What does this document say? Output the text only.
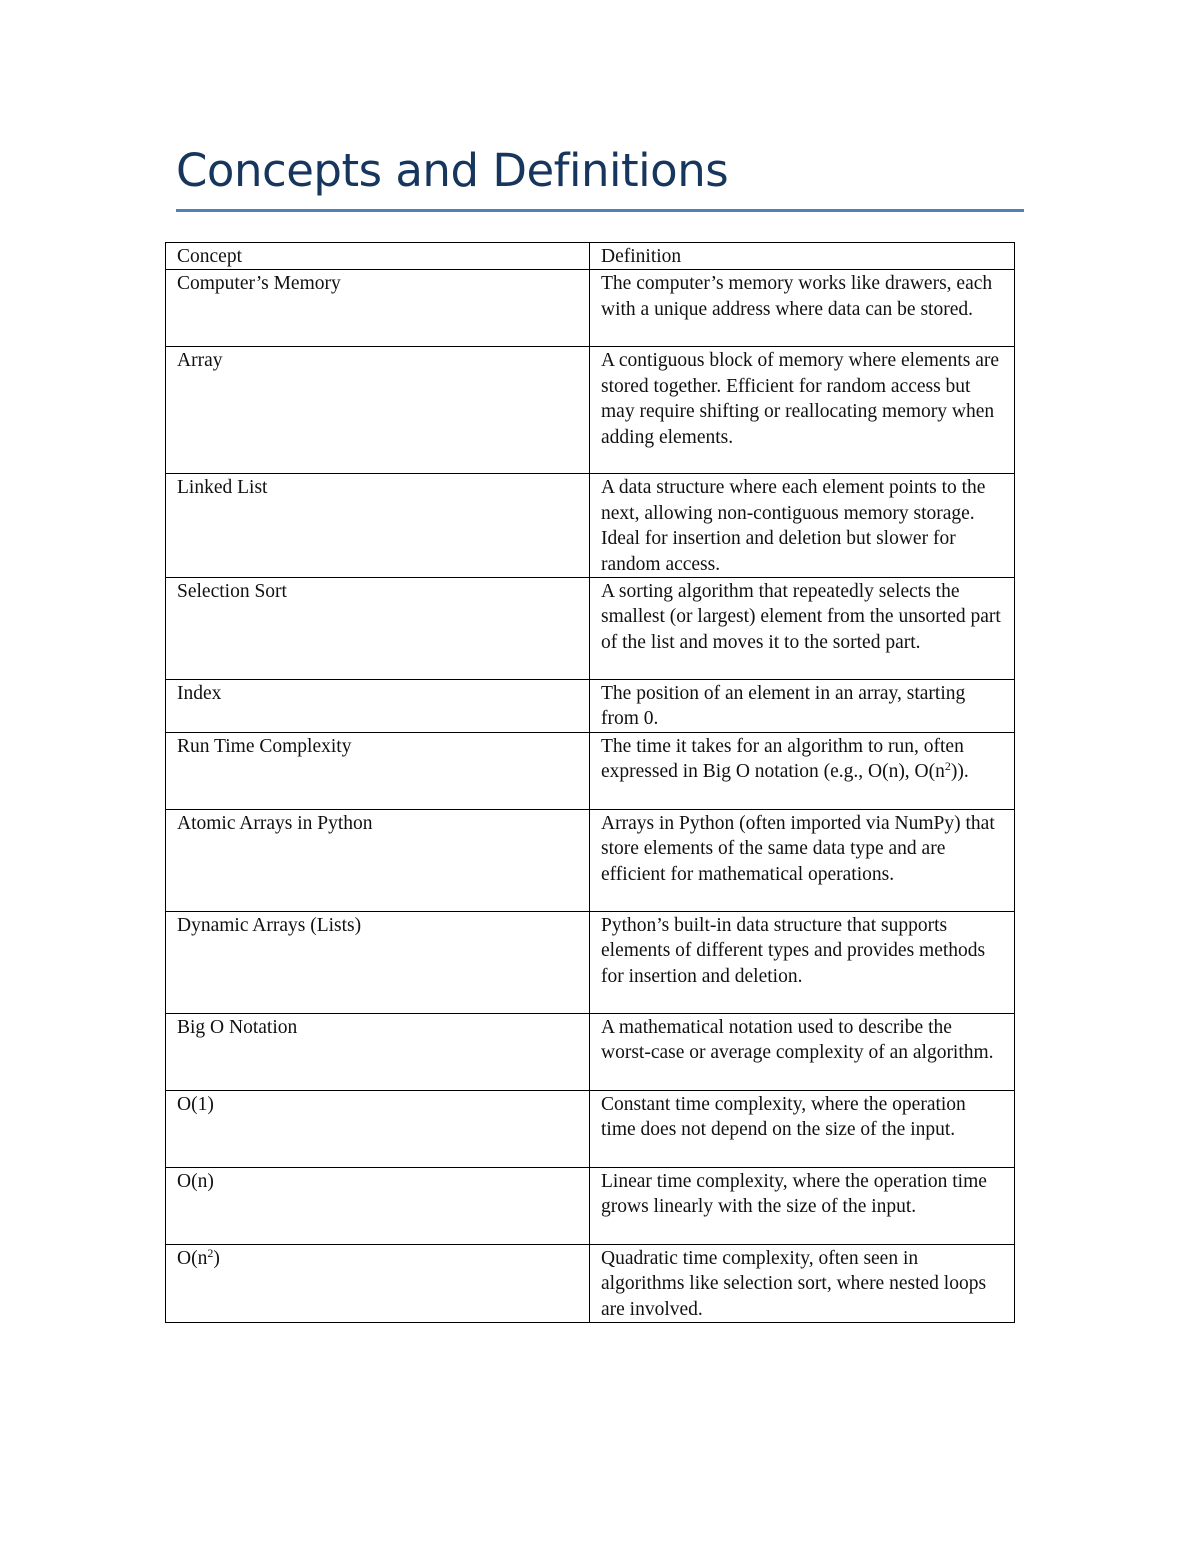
Concepts and Definitions
Concept	Definition
Computer’s Memory	The computer’s memory works like drawers, each with a unique address where data can be stored.
Array	A contiguous block of memory where elements are stored together. Efficient for random access but may require shifting or reallocating memory when adding elements.
Linked List	A data structure where each element points to the next, allowing non-contiguous memory storage. Ideal for insertion and deletion but slower for random access.
Selection Sort	A sorting algorithm that repeatedly selects the smallest (or largest) element from the unsorted part of the list and moves it to the sorted part.
Index	The position of an element in an array, starting from 0.
Run Time Complexity	The time it takes for an algorithm to run, often expressed in Big O notation (e.g., O(n), $O(n^2)$).
Atomic Arrays in Python	Arrays in Python (often imported via NumPy) that store elements of the same data type and are efficient for mathematical operations.
Dynamic Arrays (Lists)	Python’s built-in data structure that supports elements of different types and provides methods for insertion and deletion.
Big O Notation	A mathematical notation used to describe the worst-case or average complexity of an algorithm.
O(1)	Constant time complexity, where the operation time does not depend on the size of the input.
O(n)	Linear time complexity, where the operation time grows linearly with the size of the input.
$O(n^2)$	Quadratic time complexity, often seen in algorithms like selection sort, where nested loops are involved.
